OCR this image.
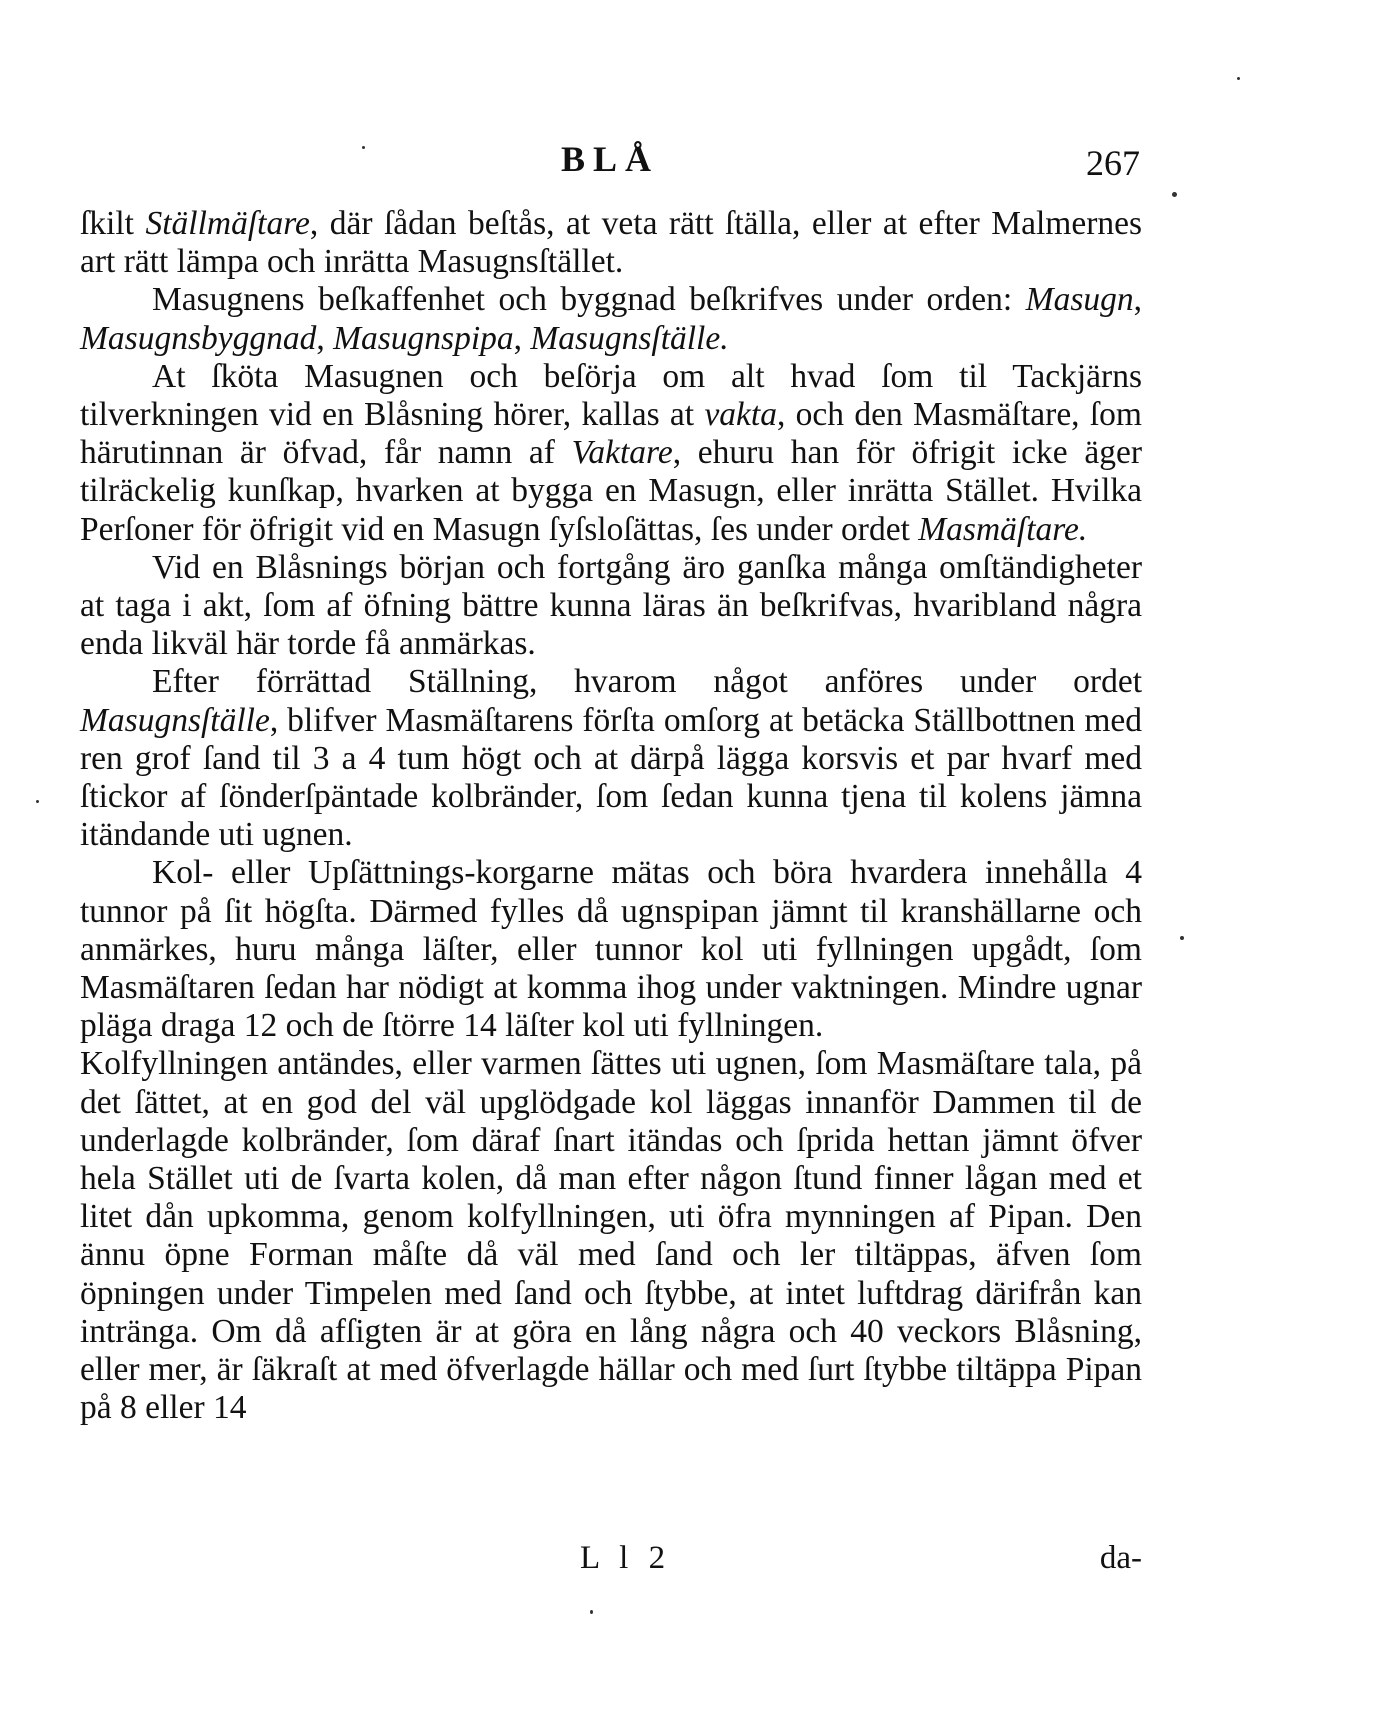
BLÅ	267

ſkilt Ställmäſtare, där ſådan beſtås, at veta rätt ſtälla, eller at efter Malmernes art rätt lämpa och inrätta Masugnsſtället.

Masugnens beſkaffenhet och byggnad beſkrifves under orden: Masugn, Masugnsbyggnad, Masugnspipa, Masugnsſtälle.

At ſköta Masugnen och beſörja om alt hvad ſom til Tackjärns tilverkningen vid en Blåsning hörer, kallas at vakta, och den Masmäſtare, ſom härutinnan är öfvad, får namn af Vaktare, ehuru han för öfrigit icke äger tilräckelig kunſkap, hvarken at bygga en Masugn, eller inrätta Stället. Hvilka Perſoner för öfrigit vid en Masugn ſyſsloſättas, ſes under ordet Masmäſtare.

Vid en Blåsnings början och fortgång äro ganſka många omſtändigheter at taga i akt, ſom af öfning bättre kunna läras än beſkrifvas, hvaribland några enda likväl här torde få anmärkas.

Efter förrättad Ställning, hvarom något anföres under ordet Masugnsſtälle, blifver Masmäſtarens förſta omſorg at betäcka Ställbottnen med ren grof ſand til 3 a 4 tum högt och at därpå lägga korsvis et par hvarf med ſtickor af ſönderſpäntade kolbränder, ſom ſedan kunna tjena til kolens jämna itändande uti ugnen.

Kol- eller Upſättnings-korgarne mätas och böra hvardera innehålla 4 tunnor på ſit högſta. Därmed fylles då ugnspipan jämnt til kranshällarne och anmärkes, huru många läſter, eller tunnor kol uti fyllningen upgådt, ſom Masmäſtaren ſedan har nödigt at komma ihog under vaktningen. Mindre ugnar pläga draga 12 och de ſtörre 14 läſter kol uti fyllningen.

Kolfyllningen antändes, eller varmen ſättes uti ugnen, ſom Masmäſtare tala, på det ſättet, at en god del väl upglödgade kol läggas innanför Dammen til de underlagde kolbränder, ſom däraf ſnart itändas och ſprida hettan jämnt öfver hela Stället uti de ſvarta kolen, då man efter någon ſtund finner lågan med et litet dån upkomma, genom kolfyllningen, uti öfra mynningen af Pipan. Den ännu öpne Forman måſte då väl med ſand och ler tiltäppas, äfven ſom öpningen under Timpelen med ſand och ſtybbe, at intet luftdrag därifrån kan intränga. Om då afſigten är at göra en lång några och 40 veckors Blåsning, eller mer, är ſäkraſt at med öfverlagde hällar och med ſurt ſtybbe tiltäppa Pipan på 8 eller 14

L l 2	da-
